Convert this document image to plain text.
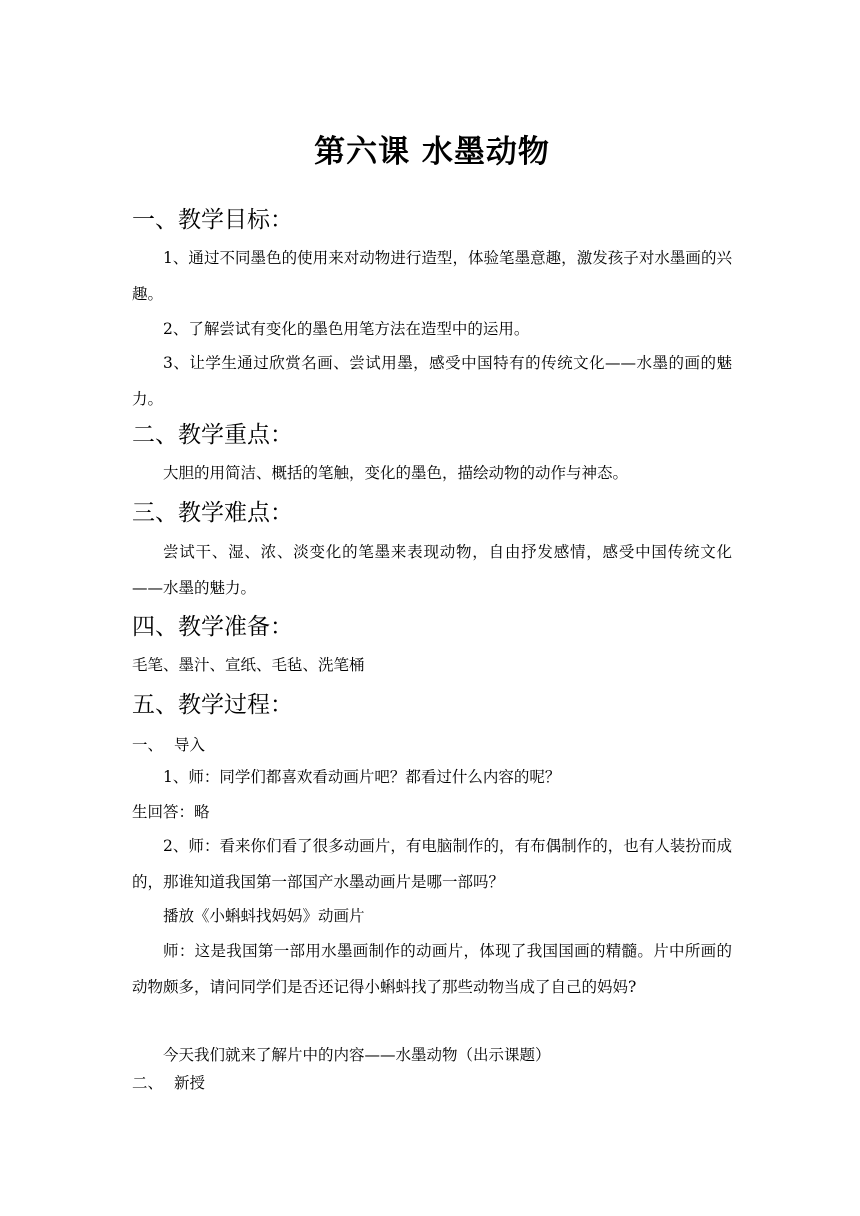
第六课 水墨动物
一、教学目标：
1、通过不同墨色的使用来对动物进行造型，体验笔墨意趣，激发孩子对水墨画的兴趣。
2、了解尝试有变化的墨色用笔方法在造型中的运用。
3、让学生通过欣赏名画、尝试用墨，感受中国特有的传统文化——水墨的画的魅力。
二、教学重点：
大胆的用简洁、概括的笔触，变化的墨色，描绘动物的动作与神态。
三、教学难点：
尝试干、湿、浓、淡变化的笔墨来表现动物，自由抒发感情，感受中国传统文化——水墨的魅力。
四、教学准备：
毛笔、墨汁、宣纸、毛毡、洗笔桶
五、教学过程：
一、 导入
1、师：同学们都喜欢看动画片吧？都看过什么内容的呢？
生回答：略
2、师：看来你们看了很多动画片，有电脑制作的，有布偶制作的，也有人装扮而成的，那谁知道我国第一部国产水墨动画片是哪一部吗？
播放《小蝌蚪找妈妈》动画片
师：这是我国第一部用水墨画制作的动画片，体现了我国国画的精髓。片中所画的动物颇多，请问同学们是否还记得小蝌蚪找了那些动物当成了自己的妈妈?
今天我们就来了解片中的内容——水墨动物（出示课题）
二、 新授
